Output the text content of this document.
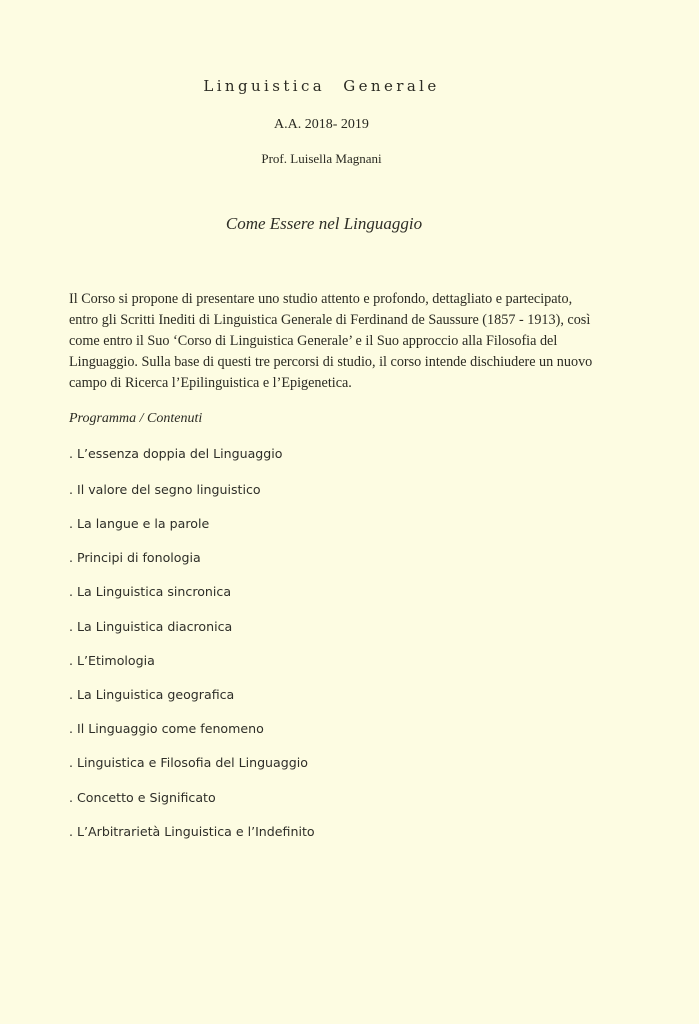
Linguistica Generale
A.A. 2018- 2019
Prof. Luisella Magnani
Come Essere nel Linguaggio
Il Corso si propone di presentare uno studio attento e profondo, dettagliato e partecipato,
entro gli Scritti Inediti di Linguistica Generale di Ferdinand de Saussure (1857 - 1913), così
come entro il Suo ‘Corso di Linguistica Generale’ e il Suo approccio alla Filosofia del
Linguaggio. Sulla base di questi tre percorsi di studio, il corso intende dischiudere un nuovo
campo di Ricerca l’Epilinguistica e l’Epigenetica.
Programma / Contenuti
. L’essenza doppia del Linguaggio
. Il valore del segno linguistico
. La langue e la parole
. Principi di fonologia
. La Linguistica sincronica
. La Linguistica diacronica
. L’Etimologia
. La Linguistica geografica
. Il Linguaggio come fenomeno
. Linguistica e Filosofia del Linguaggio
. Concetto e Significato
. L’Arbitrarietà Linguistica e l’Indefinito
